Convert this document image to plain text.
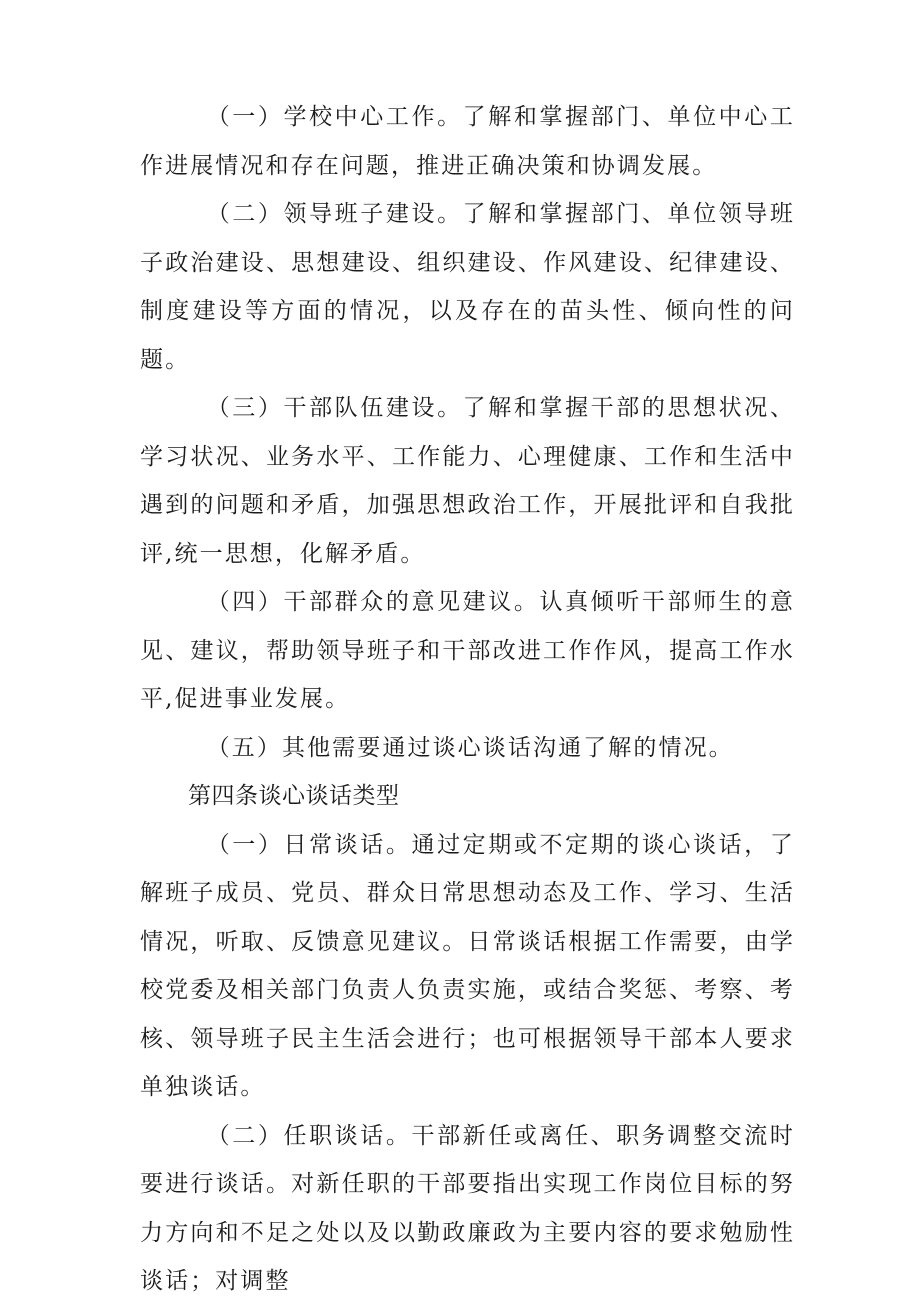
（一）学校中心工作。了解和掌握部门、单位中心工作进展情况和存在问题，推进正确决策和协调发展。

（二）领导班子建设。了解和掌握部门、单位领导班子政治建设、思想建设、组织建设、作风建设、纪律建设、制度建设等方面的情况，以及存在的苗头性、倾向性的问题。

（三）干部队伍建设。了解和掌握干部的思想状况、学习状况、业务水平、工作能力、心理健康、工作和生活中遇到的问题和矛盾，加强思想政治工作，开展批评和自我批评,统一思想，化解矛盾。

（四）干部群众的意见建议。认真倾听干部师生的意见、建议，帮助领导班子和干部改进工作作风，提高工作水平,促进事业发展。

（五）其他需要通过谈心谈话沟通了解的情况。

第四条谈心谈话类型

（一）日常谈话。通过定期或不定期的谈心谈话，了解班子成员、党员、群众日常思想动态及工作、学习、生活情况，听取、反馈意见建议。日常谈话根据工作需要，由学校党委及相关部门负责人负责实施，或结合奖惩、考察、考核、领导班子民主生活会进行；也可根据领导干部本人要求单独谈话。

（二）任职谈话。干部新任或离任、职务调整交流时要进行谈话。对新任职的干部要指出实现工作岗位目标的努力方向和不足之处以及以勤政廉政为主要内容的要求勉励性谈话；对调整
